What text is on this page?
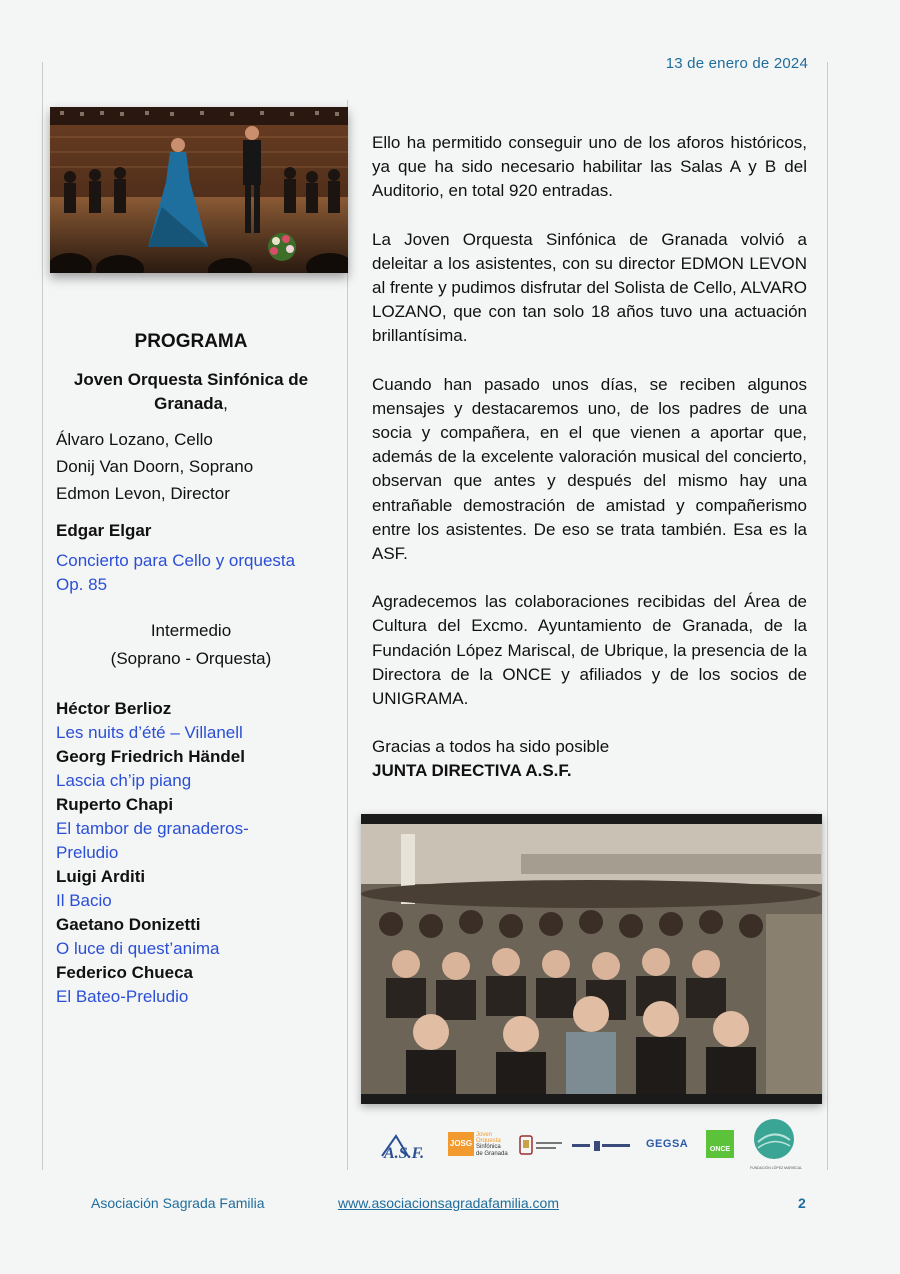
13 de enero de 2024
PROGRAMA
Joven Orquesta Sinfónica de Granada,
Álvaro Lozano, Cello
Donij Van Doorn, Soprano
Edmon Levon, Director
Edgar Elgar
Concierto para Cello y orquesta Op. 85
Intermedio
(Soprano - Orquesta)
Héctor Berlioz
Les nuits d’été – Villanell
Georg Friedrich Händel
Lascia ch’ip piang
Ruperto Chapi
El tambor de granaderos-Preludio
Luigi Arditi
Il Bacio
Gaetano Donizetti
O luce di quest’anima
Federico Chueca
El Bateo-Preludio

Ello ha permitido conseguir uno de los aforos históricos, ya que ha sido necesario habilitar las Salas A y B del Auditorio, en total 920 entradas.

La Joven Orquesta Sinfónica de Granada volvió a deleitar a los asistentes, con su director EDMON LEVON al frente y pudimos disfrutar del Solista de Cello, ALVARO LOZANO, que con tan solo 18 años tuvo una actuación brillantísima.

Cuando han pasado unos días, se reciben algunos mensajes y destacaremos uno, de los padres de una socia y compañera, en el que vienen a aportar que, además de la excelente valoración musical del concierto, observan que antes y después del mismo hay una entrañable demostración de amistad y compañerismo entre los asistentes. De eso se trata también. Esa es la ASF.

Agradecemos las colaboraciones recibidas del Área de Cultura del Excmo. Ayuntamiento de Granada, de la Fundación López Mariscal, de Ubrique, la presencia de la Directora de la ONCE y afiliados y de los socios de UNIGRAMA.

Gracias a todos ha sido posible

JUNTA DIRECTIVA A.S.F.

A.S.F.
JOSG
Joven
Orquesta
Sinfónica
de Granada
GEGSA	ONCE
FUNDACIÓN LÓPEZ MARISCAL
Asociación Sagrada Familia	www.asociacionsagradafamilia.com	2
